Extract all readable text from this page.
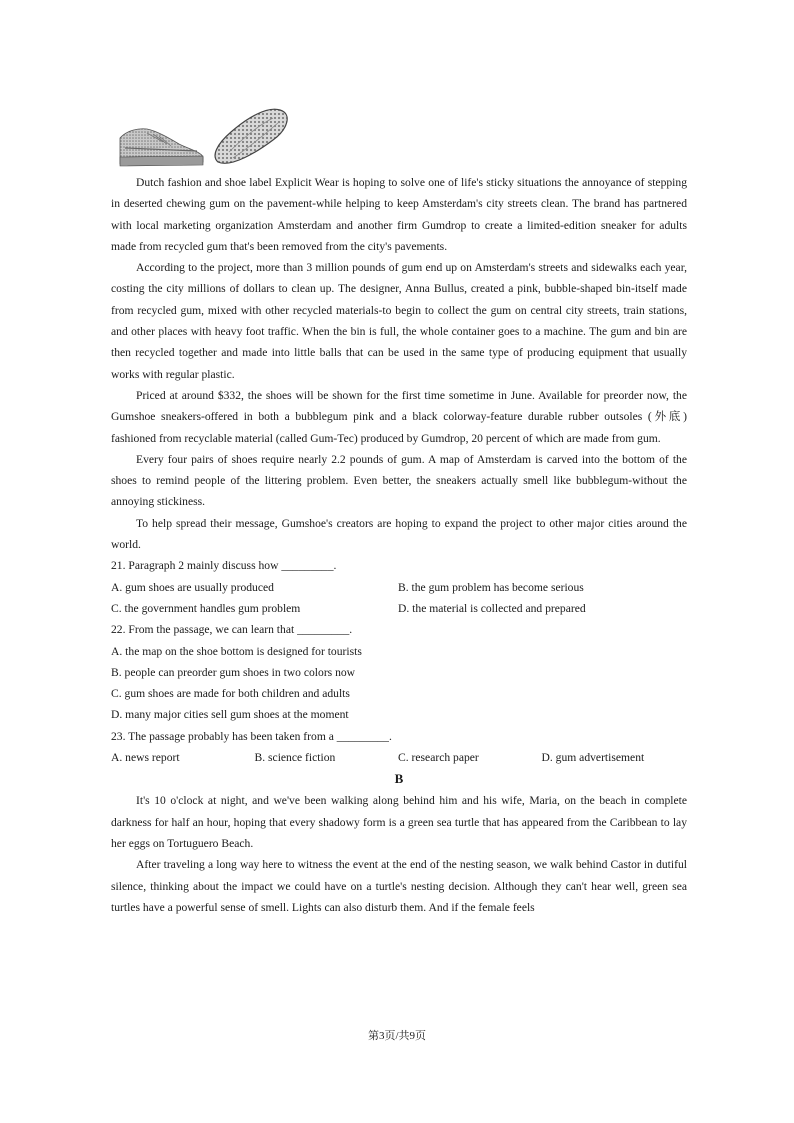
Dutch fashion and shoe label Explicit Wear is hoping to solve one of life's sticky situations the annoyance of stepping in deserted chewing gum on the pavement-while helping to keep Amsterdam's city streets clean. The brand has partnered with local marketing organization Amsterdam and another firm Gumdrop to create a limited-edition sneaker for adults made from recycled gum that's been removed from the city's pavements.

According to the project, more than 3 million pounds of gum end up on Amsterdam's streets and sidewalks each year, costing the city millions of dollars to clean up. The designer, Anna Bullus, created a pink, bubble-shaped bin-itself made from recycled gum, mixed with other recycled materials-to begin to collect the gum on central city streets, train stations, and other places with heavy foot traffic. When the bin is full, the whole container goes to a machine. The gum and bin are then recycled together and made into little balls that can be used in the same type of producing equipment that usually works with regular plastic.

Priced at around $332, the shoes will be shown for the first time sometime in June. Available for preorder now, the Gumshoe sneakers-offered in both a bubblegum pink and a black colorway-feature durable rubber outsoles (外底) fashioned from recyclable material (called Gum-Tec) produced by Gumdrop, 20 percent of which are made from gum.

Every four pairs of shoes require nearly 2.2 pounds of gum. A map of Amsterdam is carved into the bottom of the shoes to remind people of the littering problem. Even better, the sneakers actually smell like bubblegum-without the annoying stickiness.

To help spread their message, Gumshoe's creators are hoping to expand the project to other major cities around the world.

21. Paragraph 2 mainly discuss how _________.

A. gum shoes are usually produced	B. the gum problem has become serious
C. the government handles gum problem	D. the material is collected and prepared

22. From the passage, we can learn that _________.

A. the map on the shoe bottom is designed for tourists

B. people can preorder gum shoes in two colors now

C. gum shoes are made for both children and adults

D. many major cities sell gum shoes at the moment

23. The passage probably has been taken from a _________.

A. news report	B. science fiction	C. research paper	D. gum advertisement

B

It's 10 o'clock at night, and we've been walking along behind him and his wife, Maria, on the beach in complete darkness for half an hour, hoping that every shadowy form is a green sea turtle that has appeared from the Caribbean to lay her eggs on Tortuguero Beach.

After traveling a long way here to witness the event at the end of the nesting season, we walk behind Castor in dutiful silence, thinking about the impact we could have on a turtle's nesting decision. Although they can't hear well, green sea turtles have a powerful sense of smell. Lights can also disturb them. And if the female feels

第3页/共9页
